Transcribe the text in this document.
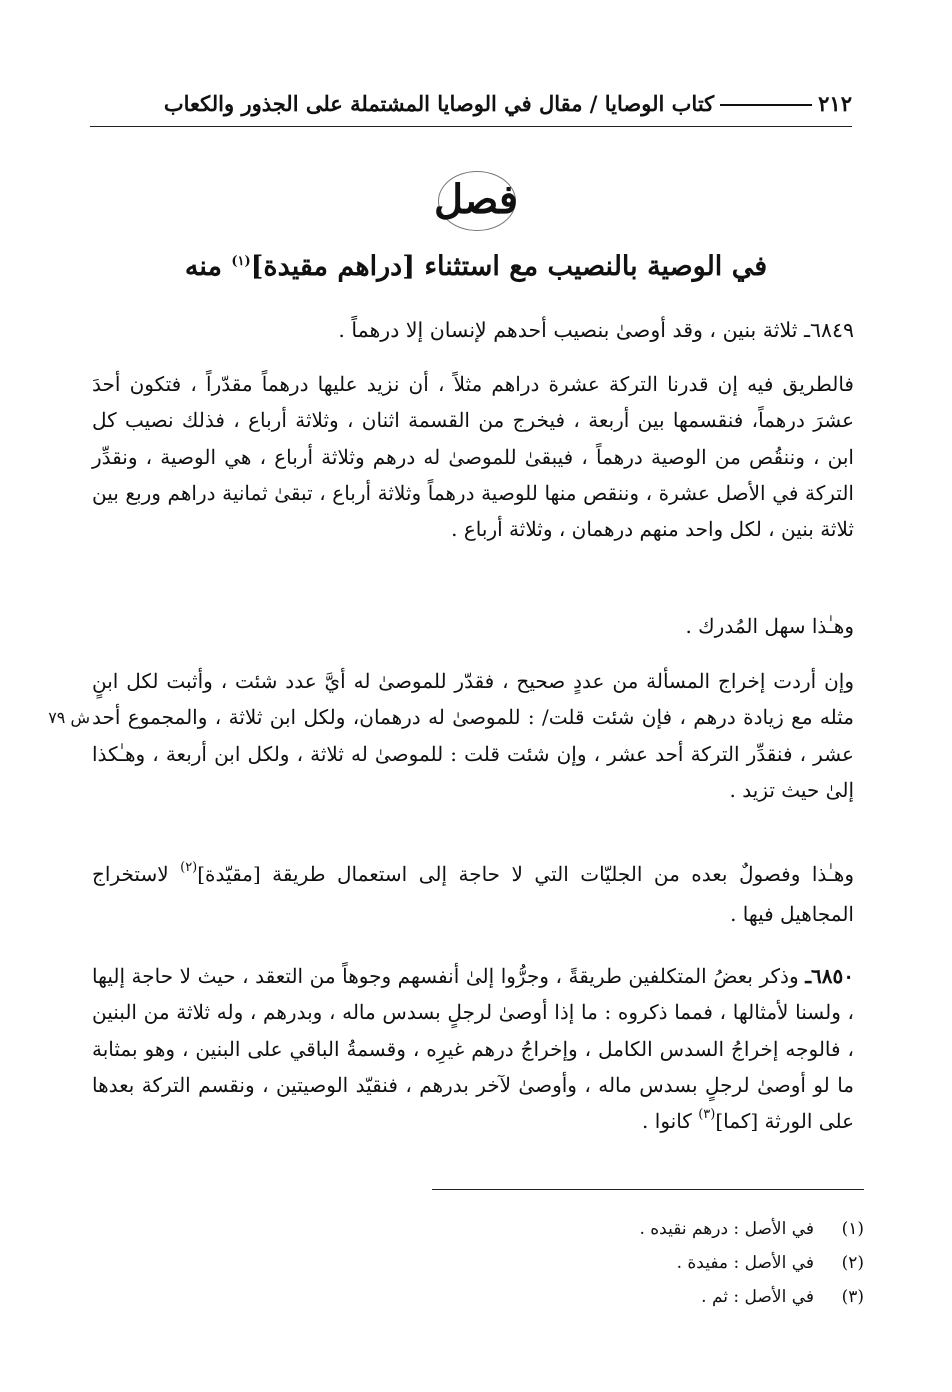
٢١٢
كتاب الوصايا / مقال في الوصايا المشتملة على الجذور والكعاب
فصل
في الوصية بالنصيب مع استثناء [دراهم مقيدة]$^{(١)}$ منه
٦٨٤٩ـ ثلاثة بنين ، وقد أوصىٰ بنصيب أحدهم لإنسان إلا درهماً .
فالطريق فيه إن قدرنا التركة عشرة دراهم مثلاً ، أن نزيد عليها درهماً مقدّراً ، فتكون أحدَ عشرَ درهماً، فنقسمها بين أربعة ، فيخرج من القسمة اثنان ، وثلاثة أرباع ، فذلك نصيب كل ابن ، وننقُص من الوصية درهماً ، فيبقىٰ للموصىٰ له درهم وثلاثة أرباع ، هي الوصية ، ونقدِّر التركة في الأصل عشرة ، وننقص منها للوصية درهماً وثلاثة أرباع ، تبقىٰ ثمانية دراهم وربع بين ثلاثة بنين ، لكل واحد منهم درهمان ، وثلاثة أرباع .
وهـٰذا سهل المُدرك .
وإن أردت إخراج المسألة من عددٍ صحيح ، فقدّر للموصىٰ له أيَّ عدد شئت ، وأثبت لكل ابنٍ مثله مع زيادة درهم ، فإن شئت قلت/ : للموصىٰ له درهمان، ولكل ابن ثلاثة ، والمجموع أحد عشر ، فنقدِّر التركة أحد عشر ، وإن شئت قلت : للموصىٰ له ثلاثة ، ولكل ابن أربعة ، وهـٰكذا إلىٰ حيث تزيد .
ش ٧٩
وهـٰذا وفصولٌ بعده من الجليّات التي لا حاجة إلى استعمال طريقة [مقيّدة]$^{(٢)}$ لاستخراج المجاهيل فيها .
٦٨٥٠ـ وذكر بعضُ المتكلفين طريقةً ، وجرُّوا إلىٰ أنفسهم وجوهاً من التعقد ، حيث لا حاجة إليها ، ولسنا لأمثالها ، فمما ذكروه : ما إذا أوصىٰ لرجلٍ بسدس ماله ، وبدرهم ، وله ثلاثة من البنين ، فالوجه إخراجُ السدس الكامل ، وإخراجُ درهم غيرِه ، وقسمةُ الباقي على البنين ، وهو بمثابة ما لو أوصىٰ لرجلٍ بسدس ماله ، وأوصىٰ لآخر بدرهم ، فنقيّد الوصيتين ، ونقسم التركة بعدها على الورثة [كما]$^{(٣)}$ كانوا .
(١)
في الأصل : درهم نقيده .
(٢)
في الأصل : مفيدة .
(٣)
في الأصل : ثم .
